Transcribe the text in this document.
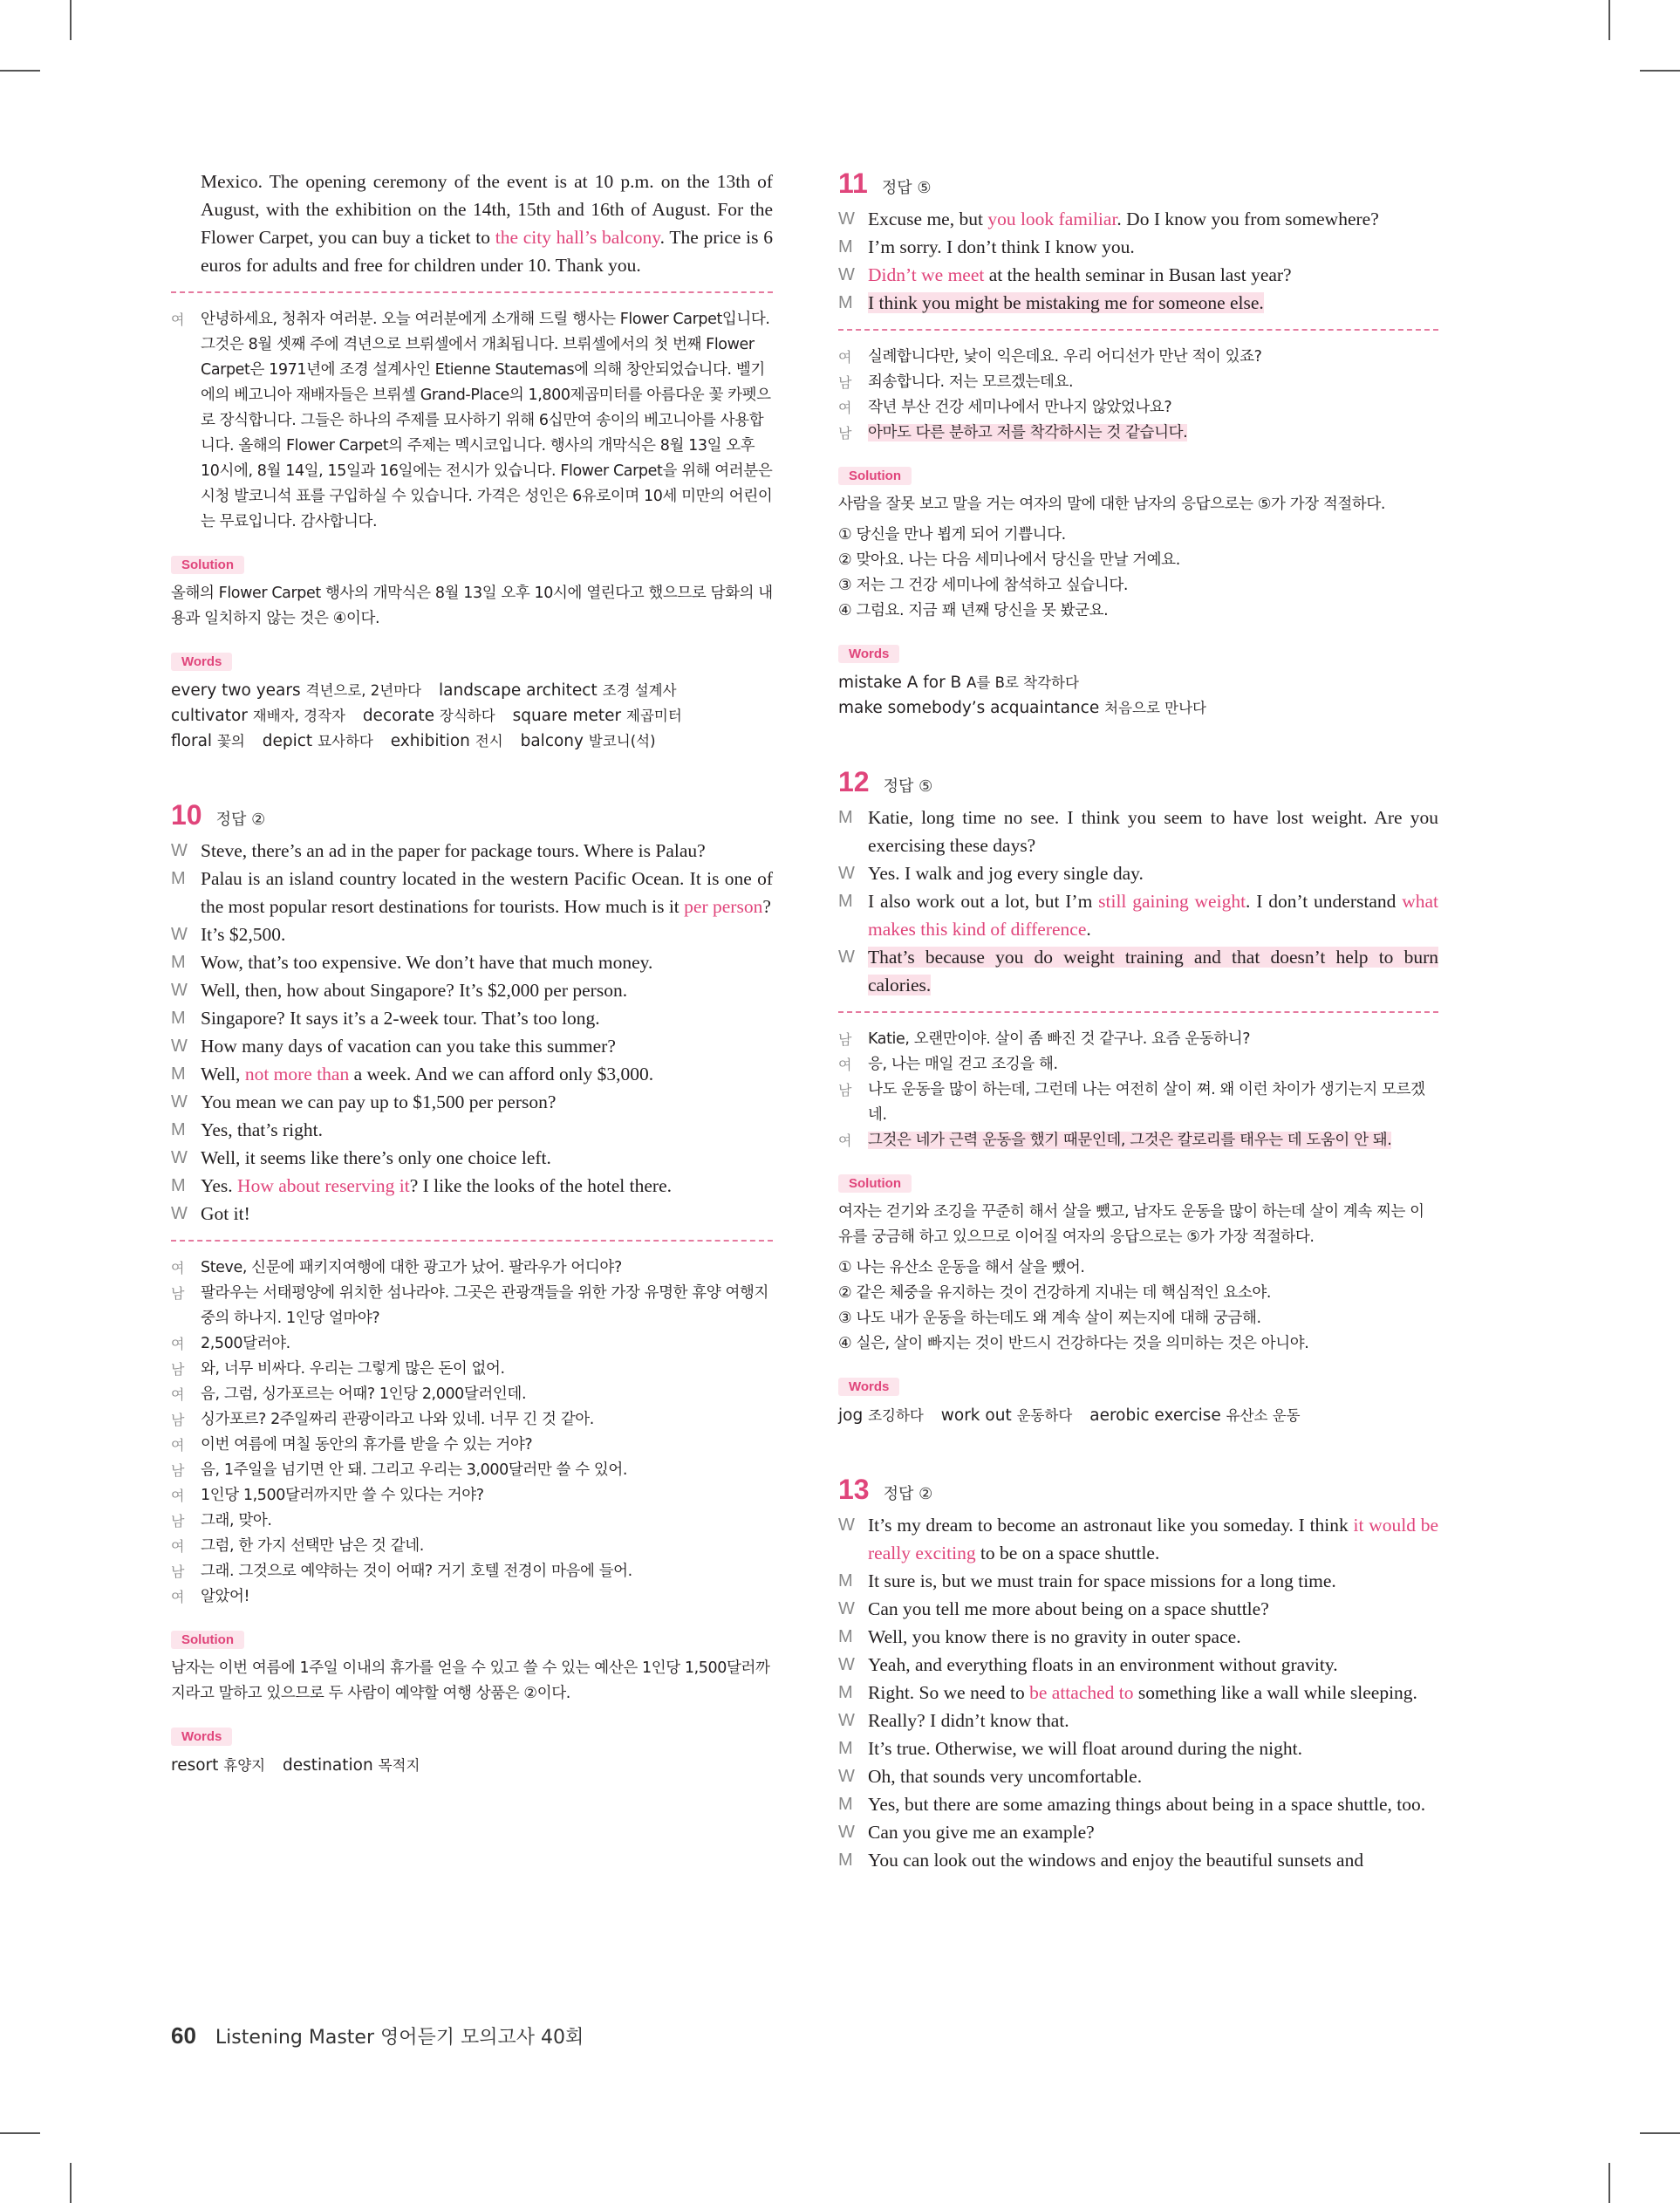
Mexico. The opening ceremony of the event is at 10 p.m. on the 13th of August, with the exhibition on the 14th, 15th and 16th of August. For the Flower Carpet, you can buy a ticket to the city hall’s balcony. The price is 6 euros for adults and free for children under 10. Thank you.
여	안녕하세요, 청취자 여러분. 오늘 여러분에게 소개해 드릴 행사는 Flower Carpet입니다. 그것은 8월 셋째 주에 격년으로 브뤼셀에서 개최됩니다. 브뤼셀에서의 첫 번째 Flower Carpet은 1971년에 조경 설계사인 Etienne Stautemas에 의해 창안되었습니다. 벨기에의 베고니아 재배자들은 브뤼셀 Grand-Place의 1,800제곱미터를 아름다운 꽃 카펫으로 장식합니다. 그들은 하나의 주제를 묘사하기 위해 6십만여 송이의 베고니아를 사용합니다. 올해의 Flower Carpet의 주제는 멕시코입니다. 행사의 개막식은 8월 13일 오후 10시에, 8월 14일, 15일과 16일에는 전시가 있습니다. Flower Carpet을 위해 여러분은 시청 발코니석 표를 구입하실 수 있습니다. 가격은 성인은 6유로이며 10세 미만의 어린이는 무료입니다. 감사합니다.
Solution
올해의 Flower Carpet 행사의 개막식은 8월 13일 오후 10시에 열린다고 했으므로 담화의 내용과 일치하지 않는 것은 ④이다.
Words
every two years 격년으로, 2년마다 landscape architect 조경 설계사
cultivator 재배자, 경작자 decorate 장식하다 square meter 제곱미터
floral 꽃의 depict 묘사하다 exhibition 전시 balcony 발코니(석)
10 정답 ②
W Steve, there’s an ad in the paper for package tours. Where is Palau?
M Palau is an island country located in the western Pacific Ocean. It is one of the most popular resort destinations for tourists. How much is it per person?
W It’s $2,500.
M Wow, that’s too expensive. We don’t have that much money.
W Well, then, how about Singapore? It’s $2,000 per person.
M Singapore? It says it’s a 2-week tour. That’s too long.
W How many days of vacation can you take this summer?
M Well, not more than a week. And we can afford only $3,000.
W You mean we can pay up to $1,500 per person?
M Yes, that’s right.
W Well, it seems like there’s only one choice left.
M Yes. How about reserving it? I like the looks of the hotel there.
W Got it!
여	Steve, 신문에 패키지여행에 대한 광고가 났어. 팔라우가 어디야?
남	팔라우는 서태평양에 위치한 섬나라야. 그곳은 관광객들을 위한 가장 유명한 휴양 여행지 중의 하나지. 1인당 얼마야?
여	2,500달러야.
남	와, 너무 비싸다. 우리는 그렇게 많은 돈이 없어.
여	음, 그럼, 싱가포르는 어때? 1인당 2,000달러인데.
남	싱가포르? 2주일짜리 관광이라고 나와 있네. 너무 긴 것 같아.
여	이번 여름에 며칠 동안의 휴가를 받을 수 있는 거야?
남	음, 1주일을 넘기면 안 돼. 그리고 우리는 3,000달러만 쓸 수 있어.
여	1인당 1,500달러까지만 쓸 수 있다는 거야?
남	그래, 맞아.
여	그럼, 한 가지 선택만 남은 것 같네.
남	그래. 그것으로 예약하는 것이 어때? 거기 호텔 전경이 마음에 들어.
여	알았어!
Solution
남자는 이번 여름에 1주일 이내의 휴가를 얻을 수 있고 쓸 수 있는 예산은 1인당 1,500달러까지라고 말하고 있으므로 두 사람이 예약할 여행 상품은 ②이다.
Words
resort 휴양지 destination 목적지
11 정답 ⑤
W Excuse me, but you look familiar. Do I know you from somewhere?
M I’m sorry. I don’t think I know you.
W Didn’t we meet at the health seminar in Busan last year?
M I think you might be mistaking me for someone else.
여	실례합니다만, 낯이 익은데요. 우리 어디선가 만난 적이 있죠?
남	죄송합니다. 저는 모르겠는데요.
여	작년 부산 건강 세미나에서 만나지 않았었나요?
남	아마도 다른 분하고 저를 착각하시는 것 같습니다.
Solution
사람을 잘못 보고 말을 거는 여자의 말에 대한 남자의 응답으로는 ⑤가 가장 적절하다.
① 당신을 만나 뵙게 되어 기쁩니다.
② 맞아요. 나는 다음 세미나에서 당신을 만날 거예요.
③ 저는 그 건강 세미나에 참석하고 싶습니다.
④ 그럼요. 지금 꽤 년째 당신을 못 봤군요.
Words
mistake A for B A를 B로 착각하다
make somebody’s acquaintance 처음으로 만나다
12 정답 ⑤
M Katie, long time no see. I think you seem to have lost weight. Are you exercising these days?
W Yes. I walk and jog every single day.
M I also work out a lot, but I’m still gaining weight. I don’t understand what makes this kind of difference.
W That’s because you do weight training and that doesn’t help to burn calories.
남	Katie, 오랜만이야. 살이 좀 빠진 것 같구나. 요즘 운동하니?
여	응, 나는 매일 걷고 조깅을 해.
남	나도 운동을 많이 하는데, 그런데 나는 여전히 살이 쪄. 왜 이런 차이가 생기는지 모르겠네.
여	그것은 네가 근력 운동을 했기 때문인데, 그것은 칼로리를 태우는 데 도움이 안 돼.
Solution
여자는 걷기와 조깅을 꾸준히 해서 살을 뺐고, 남자도 운동을 많이 하는데 살이 계속 찌는 이유를 궁금해 하고 있으므로 이어질 여자의 응답으로는 ⑤가 가장 적절하다.
① 나는 유산소 운동을 해서 살을 뺐어.
② 같은 체중을 유지하는 것이 건강하게 지내는 데 핵심적인 요소야.
③ 나도 내가 운동을 하는데도 왜 계속 살이 찌는지에 대해 궁금해.
④ 실은, 살이 빠지는 것이 반드시 건강하다는 것을 의미하는 것은 아니야.
Words
jog 조깅하다 work out 운동하다 aerobic exercise 유산소 운동
13 정답 ②
W It’s my dream to become an astronaut like you someday. I think it would be really exciting to be on a space shuttle.
M It sure is, but we must train for space missions for a long time.
W Can you tell me more about being on a space shuttle?
M Well, you know there is no gravity in outer space.
W Yeah, and everything floats in an environment without gravity.
M Right. So we need to be attached to something like a wall while sleeping.
W Really? I didn’t know that.
M It’s true. Otherwise, we will float around during the night.
W Oh, that sounds very uncomfortable.
M Yes, but there are some amazing things about being in a space shuttle, too.
W Can you give me an example?
M You can look out the windows and enjoy the beautiful sunsets and
60 Listening Master 영어듣기 모의고사 40회
